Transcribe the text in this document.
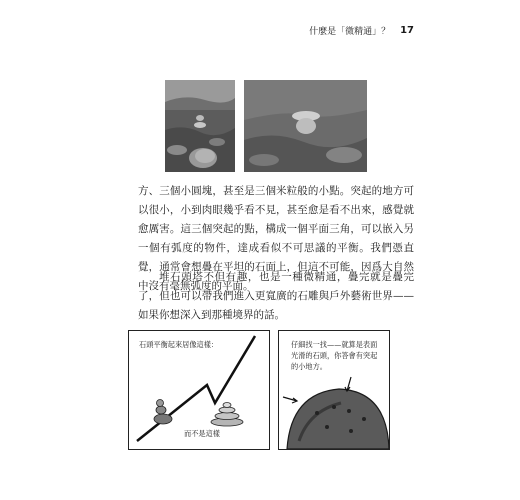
什麼是「微精通」？ 17

方、三個小圓塊，甚至是三個米粒般的小點。突起的地方可以很小，小到肉眼幾乎看不見，甚至愈是看不出來，感覺就愈厲害。這三個突起的點，構成一個平面三角，可以嵌入另一個有弧度的物件，達成看似不可思議的平衡。我們憑直覺，通常會想疊在平坦的石面上，但這不可能，因爲大自然中沒有毫無弧度的平面。

堆石頭塔不但有趣，也是一種微精通，疊完就是疊完了，但也可以帶我們進入更寬廣的石雕與戶外藝術世界——如果你想深入到那種境界的話。

石頭平衡起來居像這樣：

而不是這樣

仔細找一找——就算是表面光滑的石頭，你答會有突起的小地方。
